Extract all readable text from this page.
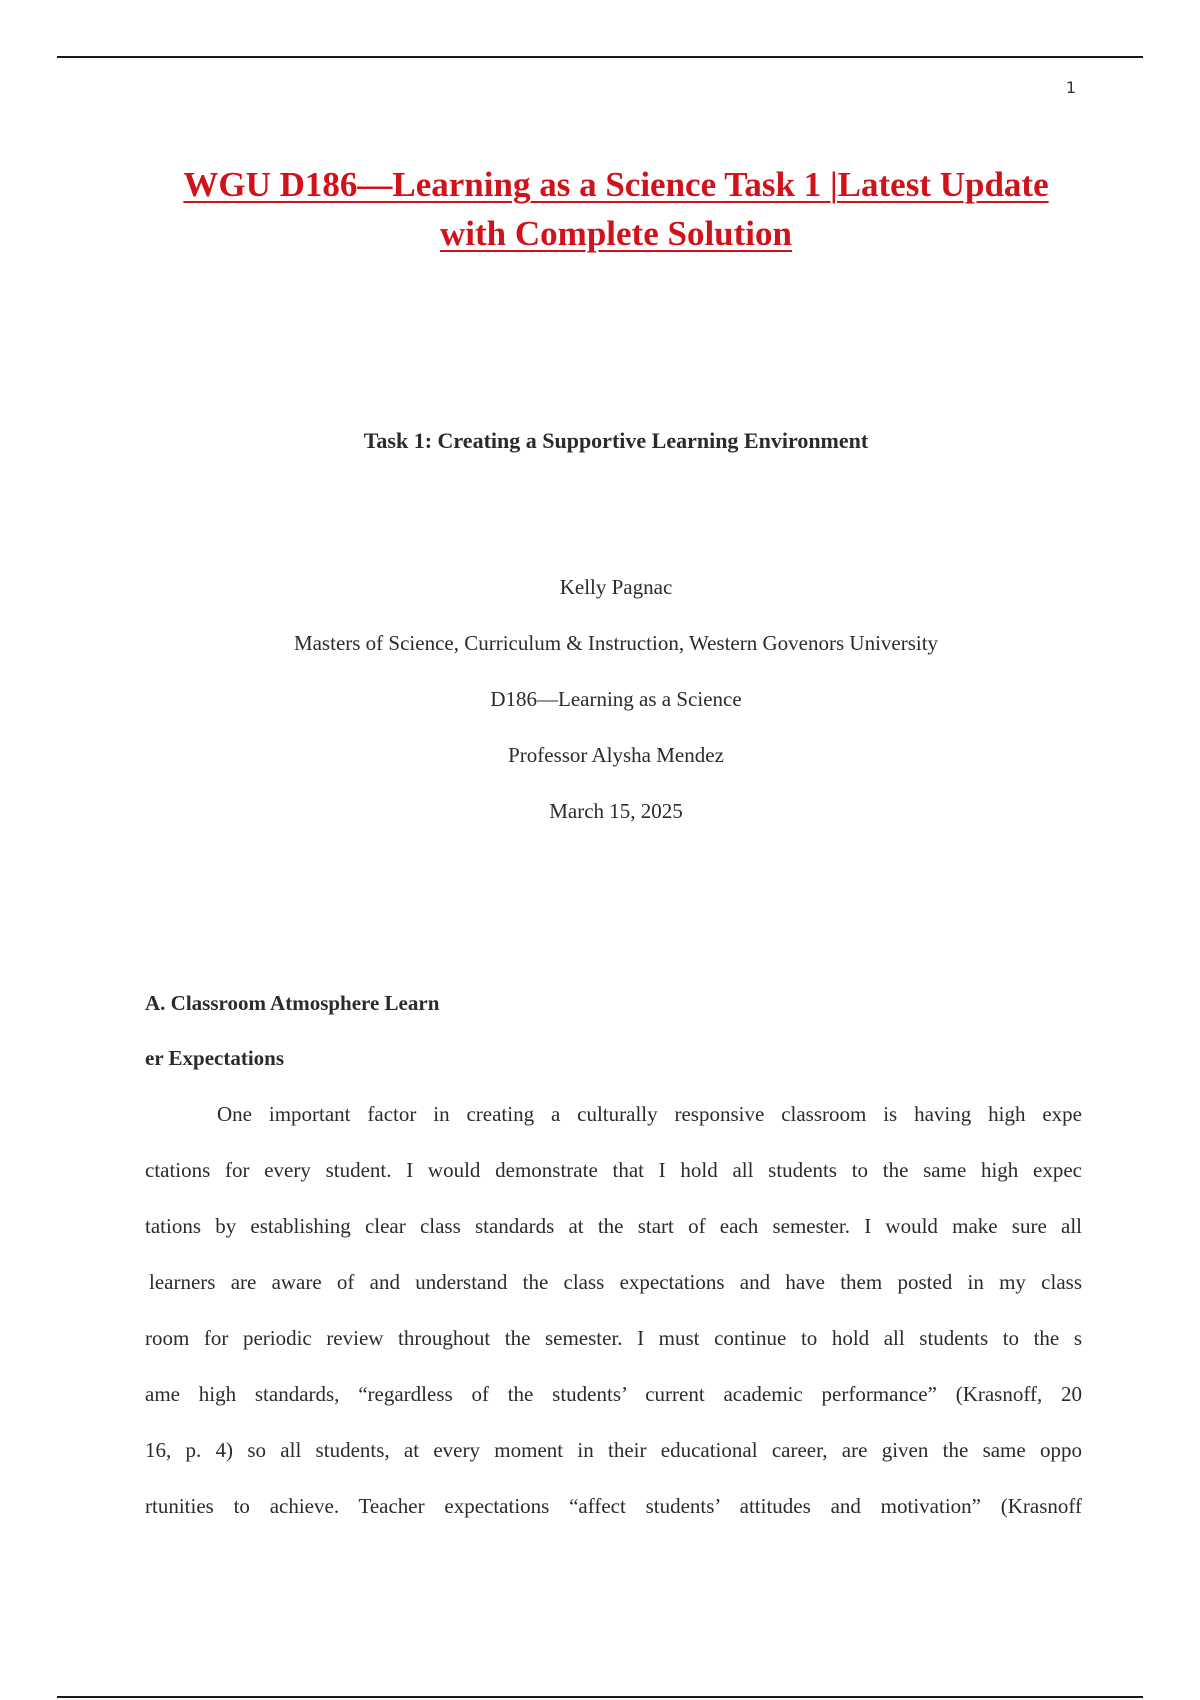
1
WGU D186—Learning as a Science Task 1 |Latest Update
with Complete Solution
Task 1: Creating a Supportive Learning Environment
Kelly Pagnac
Masters of Science, Curriculum & Instruction, Western Govenors University
D186—Learning as a Science
Professor Alysha Mendez
March 15, 2025
A. Classroom Atmosphere Learn
er Expectations
One important factor in creating a culturally responsive classroom is having high expe
ctations for every student. I would demonstrate that I hold all students to the same high expec
tations by establishing clear class standards at the start of each semester. I would make sure all
learners are aware of and understand the class expectations and have them posted in my class
room for periodic review throughout the semester. I must continue to hold all students to the s
ame high standards, “regardless of the students’ current academic performance” (Krasnoff, 20
16, p. 4) so all students, at every moment in their educational career, are given the same oppo
rtunities to achieve. Teacher expectations “affect students’ attitudes and motivation” (Krasnoff
